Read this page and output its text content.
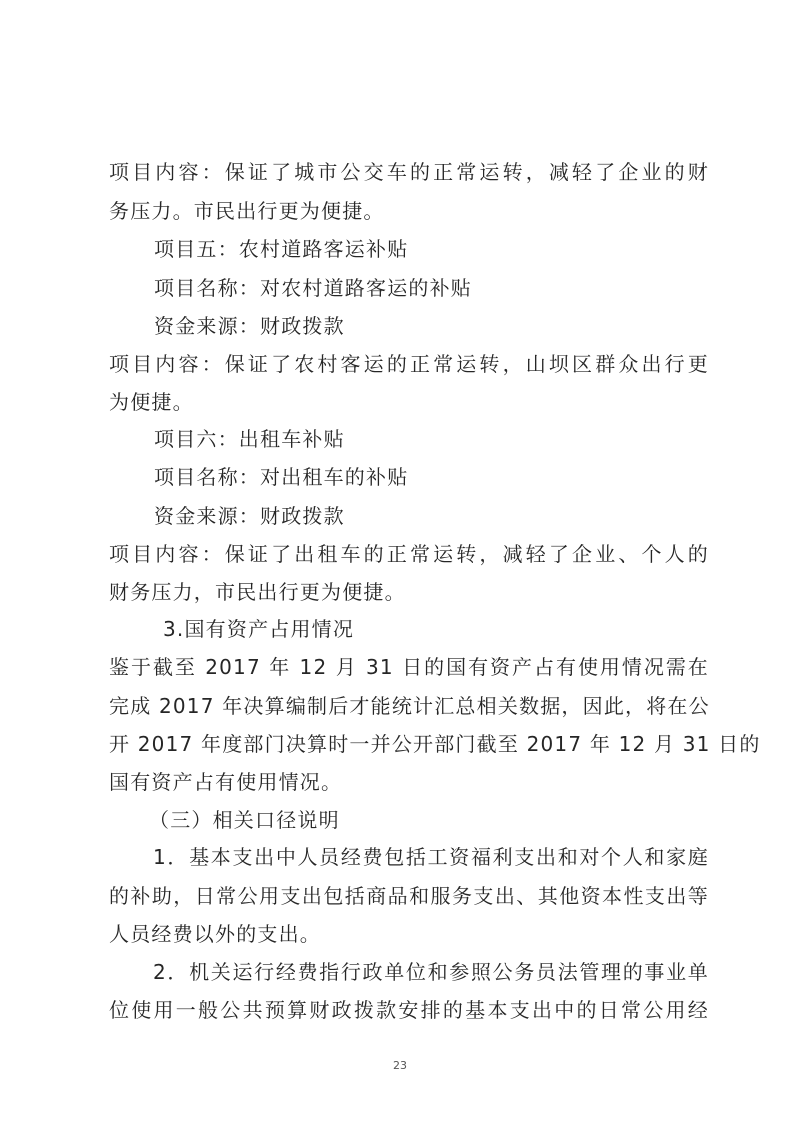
项目内容：保证了城市公交车的正常运转，减轻了企业的财
务压力。市民出行更为便捷。
项目五：农村道路客运补贴
项目名称：对农村道路客运的补贴
资金来源：财政拨款
项目内容：保证了农村客运的正常运转，山坝区群众出行更
为便捷。
项目六：出租车补贴
项目名称：对出租车的补贴
资金来源：财政拨款
项目内容：保证了出租车的正常运转，减轻了企业、个人的
财务压力，市民出行更为便捷。
3.国有资产占用情况
鉴于截至 2017 年 12 月 31 日的国有资产占有使用情况需在
完成 2017 年决算编制后才能统计汇总相关数据，因此，将在公
开 2017 年度部门决算时一并公开部门截至 2017 年 12 月 31 日的
国有资产占有使用情况。
（三）相关口径说明
1．基本支出中人员经费包括工资福利支出和对个人和家庭
的补助，日常公用支出包括商品和服务支出、其他资本性支出等
人员经费以外的支出。
2．机关运行经费指行政单位和参照公务员法管理的事业单
位使用一般公共预算财政拨款安排的基本支出中的日常公用经
23
